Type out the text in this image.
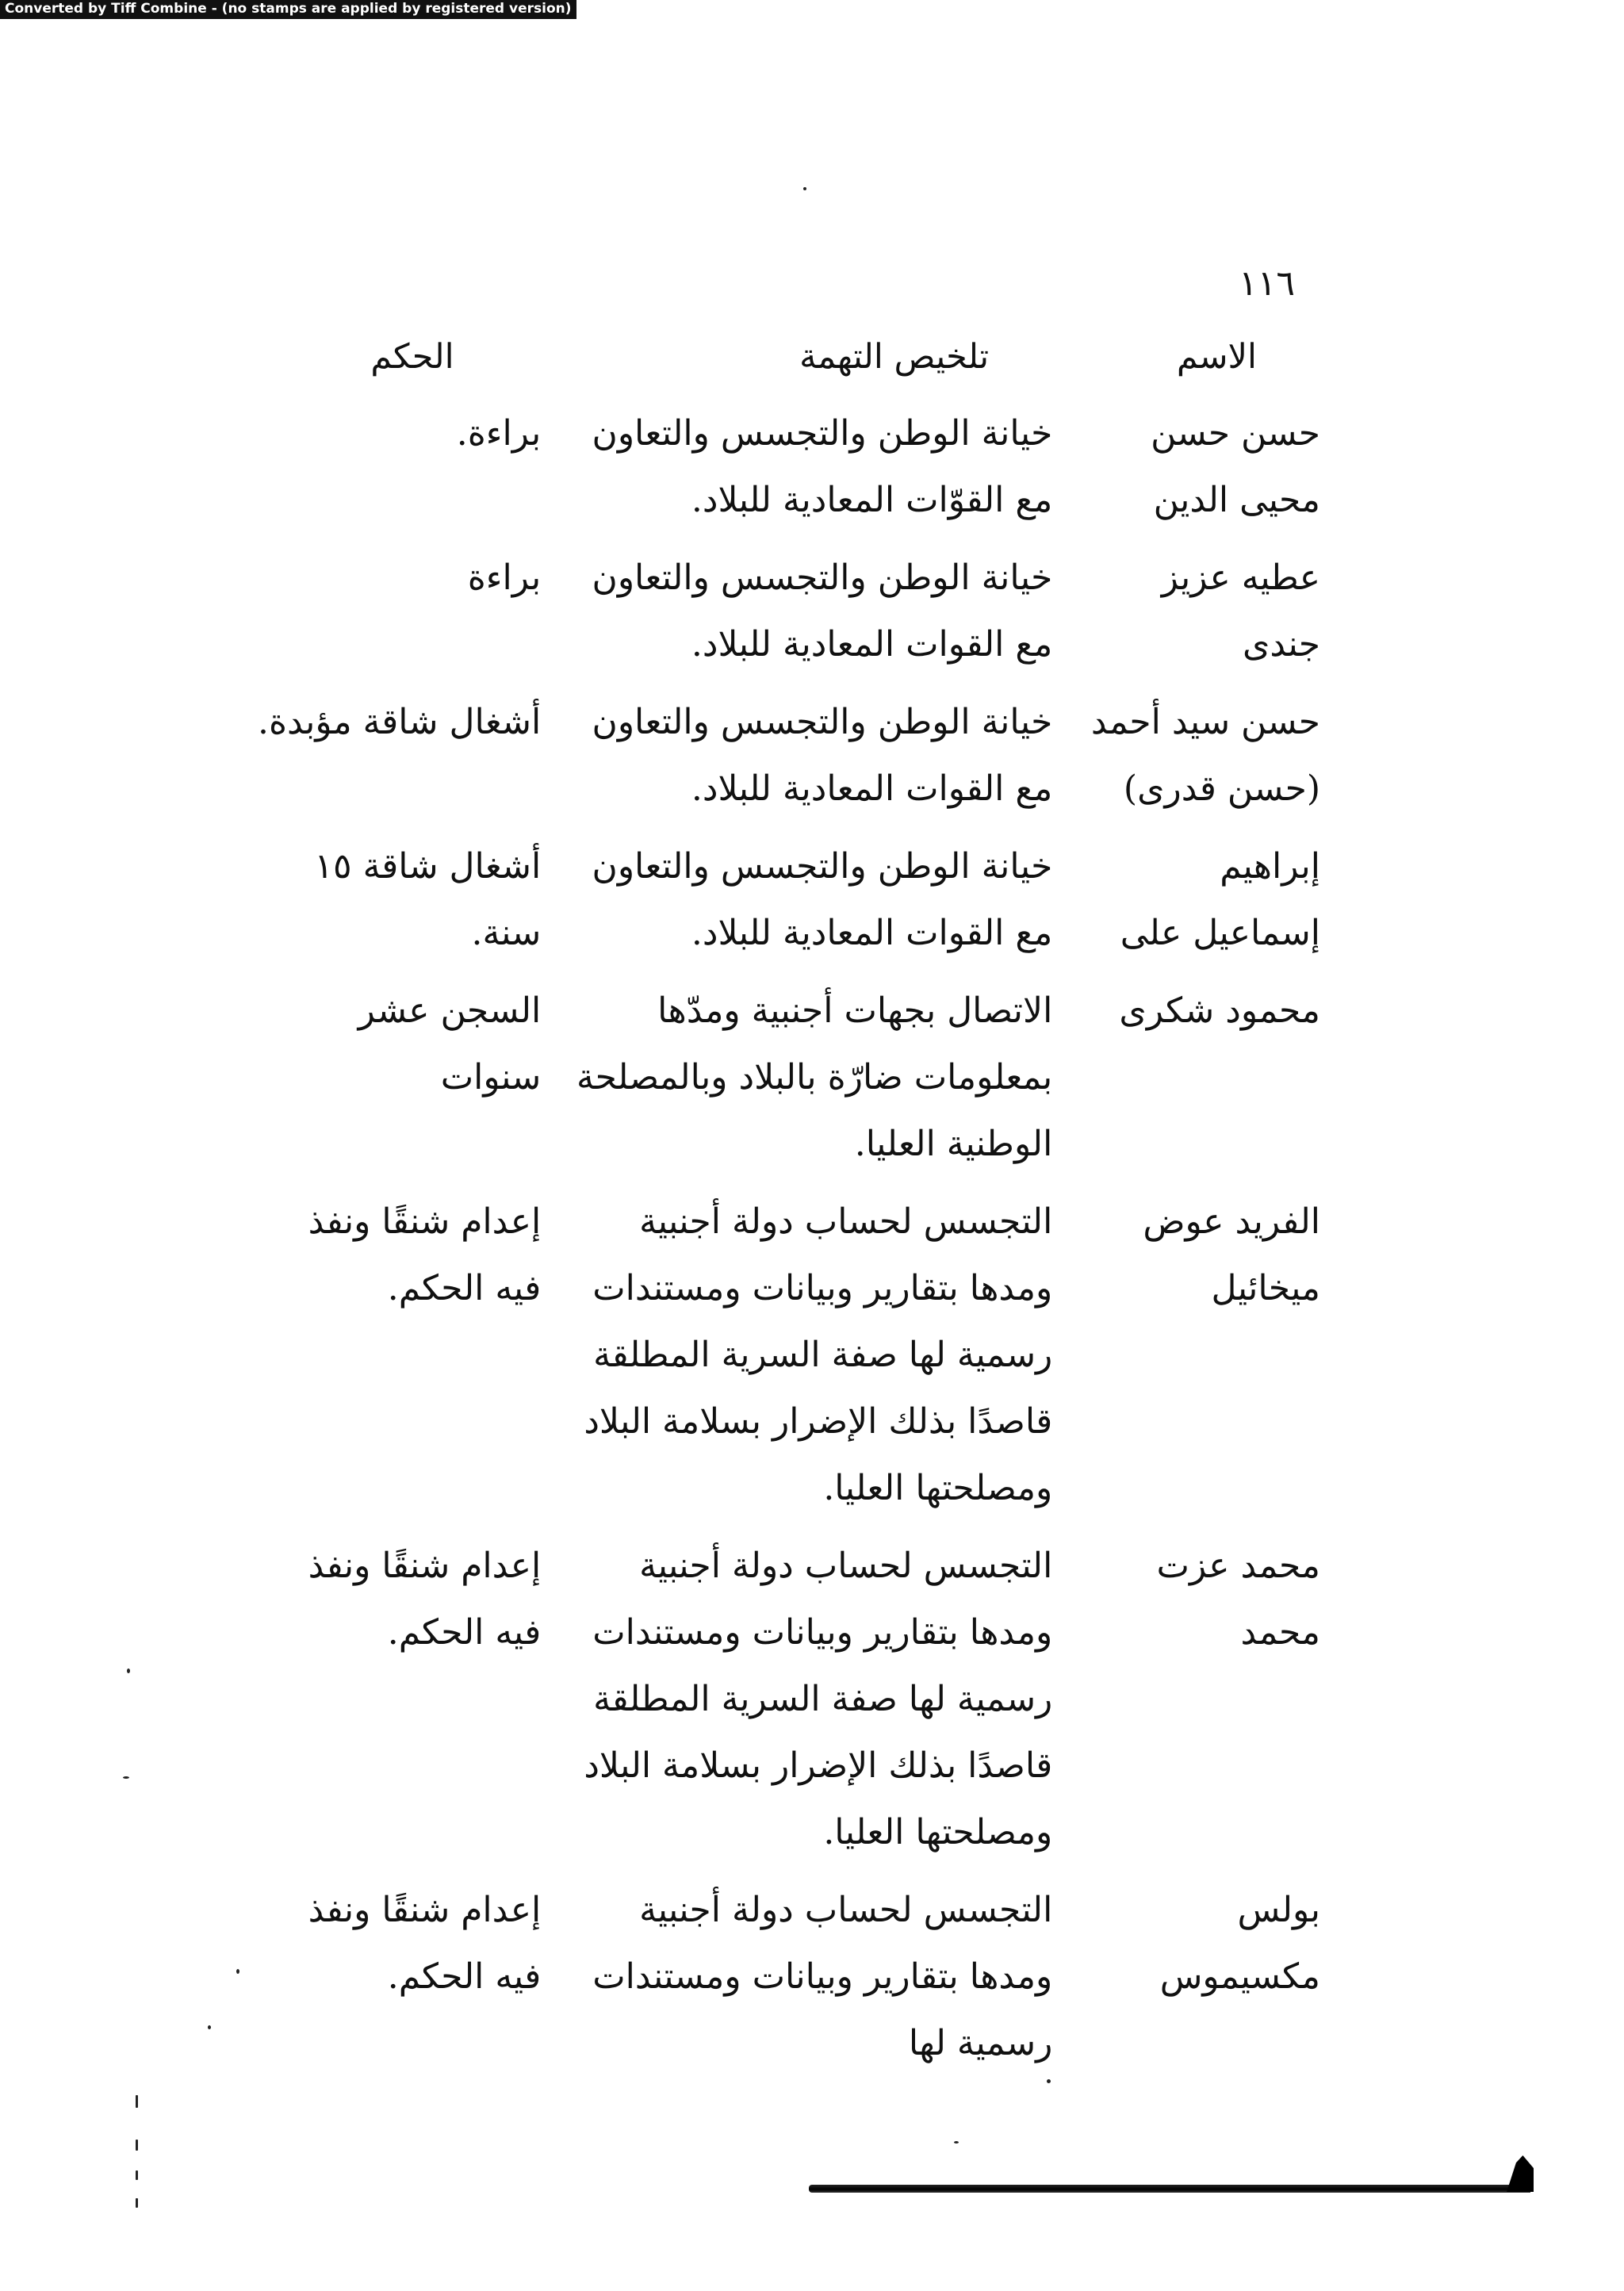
Converted by Tiff Combine - (no stamps are applied by registered version)
١١٦
الاسم
تلخيص التهمة
الحكم
حسن حسن محيى الدين
خيانة الوطن والتجسس والتعاون مع القوّات المعادية للبلاد.
براءة.
عطيه عزيز جندى
خيانة الوطن والتجسس والتعاون مع القوات المعادية للبلاد.
براءة
حسن سيد أحمد (حسن قدرى)
خيانة الوطن والتجسس والتعاون مع القوات المعادية للبلاد.
أشغال شاقة مؤبدة.
إبراهيم إسماعيل على
خيانة الوطن والتجسس والتعاون مع القوات المعادية للبلاد.
أشغال شاقة ١٥ سنة.
محمود شكرى
الاتصال بجهات أجنبية ومدّها بمعلومات ضارّة بالبلاد وبالمصلحة الوطنية العليا.
السجن عشر سنوات
الفريد عوض ميخائيل
التجسس لحساب دولة أجنبية ومدها بتقارير وبيانات ومستندات رسمية لها صفة السرية المطلقة قاصدًا بذلك الإضرار بسلامة البلاد ومصلحتها العليا.
إعدام شنقًا ونفذ فيه الحكم.
محمد عزت محمد
التجسس لحساب دولة أجنبية ومدها بتقارير وبيانات ومستندات رسمية لها صفة السرية المطلقة قاصدًا بذلك الإضرار بسلامة البلاد ومصلحتها العليا.
إعدام شنقًا ونفذ فيه الحكم.
بولس مكسيموس
التجسس لحساب دولة أجنبية ومدها بتقارير وبيانات ومستندات رسمية لها
إعدام شنقًا ونفذ فيه الحكم.
